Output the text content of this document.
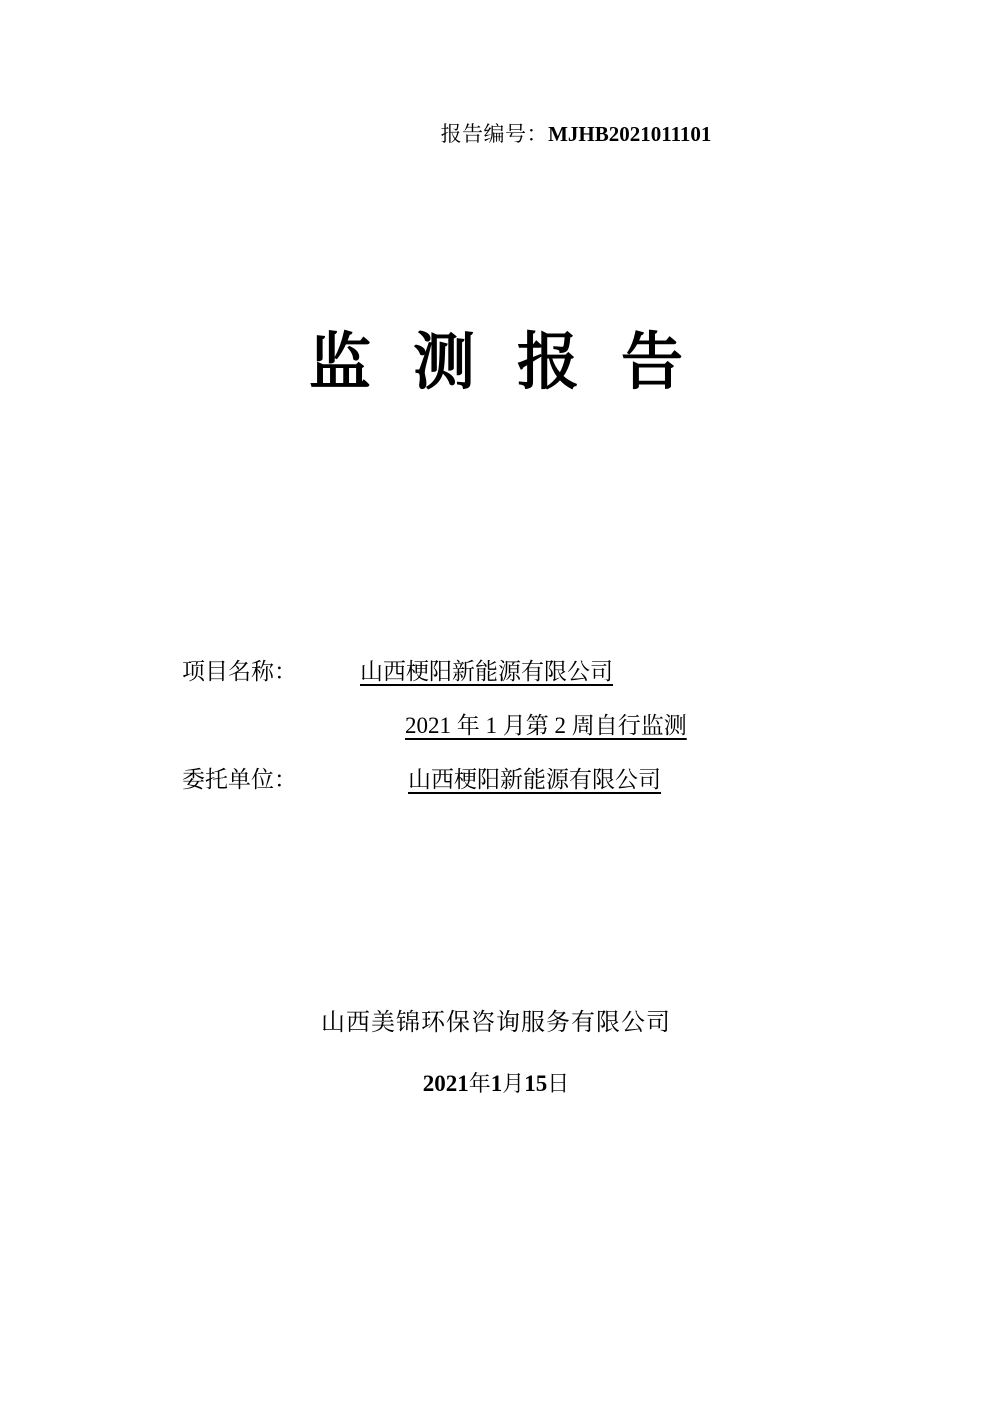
报告编号：MJHB2021011101
监测报告
项目名称：	山西梗阳新能源有限公司
2021 年 1 月第 2 周自行监测
委托单位：	山西梗阳新能源有限公司
山西美锦环保咨询服务有限公司
2021年1月15日
